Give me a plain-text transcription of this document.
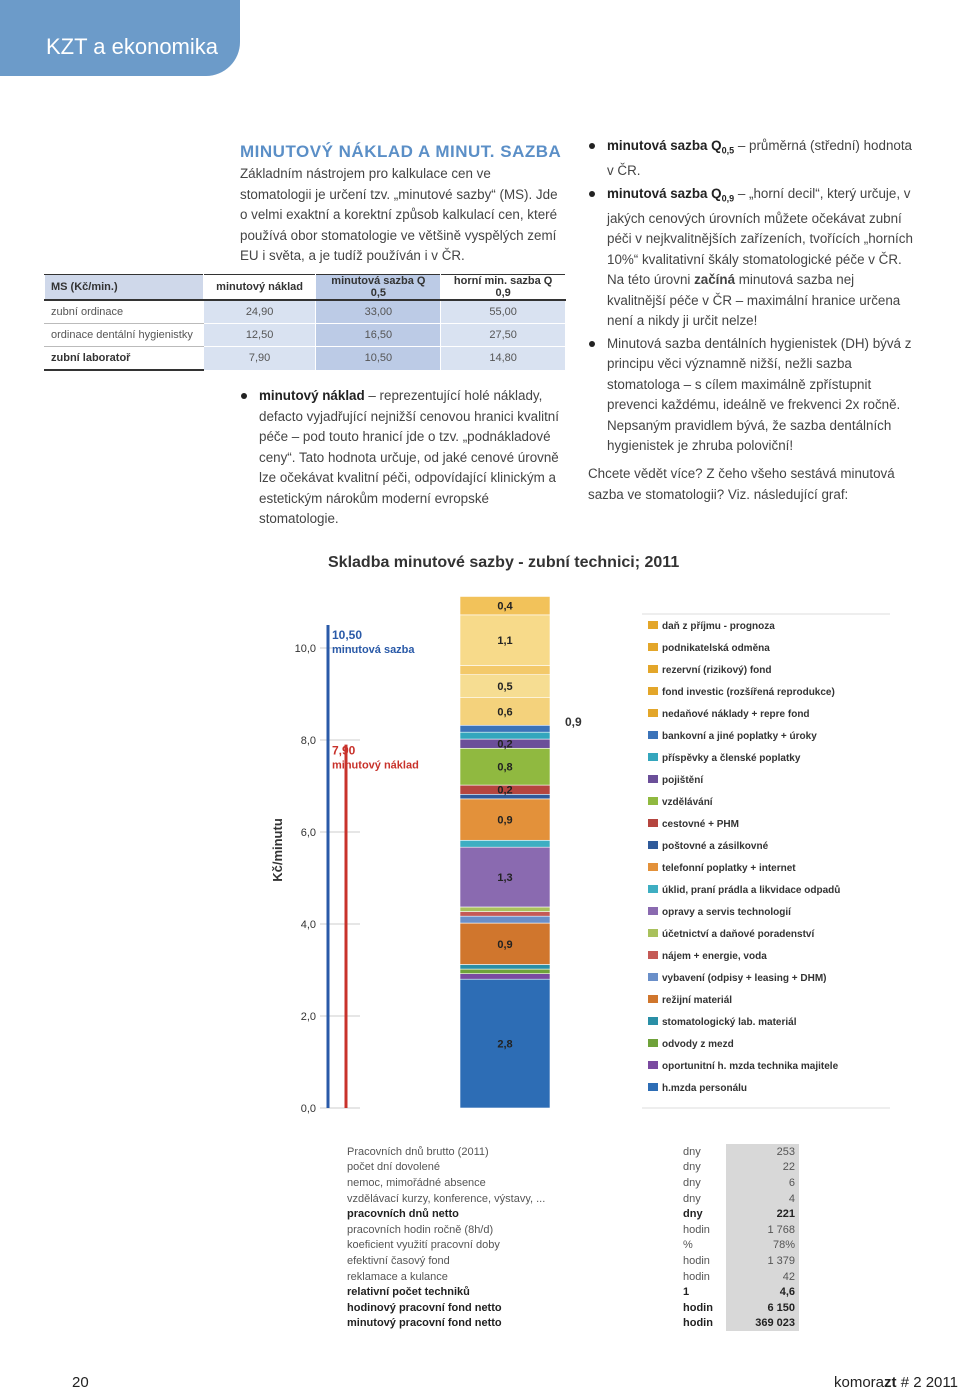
KZT a ekonomika
MINUTOVÝ NÁKLAD A MINUT. SAZBA
Základním nástrojem pro kalkulace cen ve stomatologii je určení tzv. „minutové sazby“ (MS). Jde o velmi exaktní a korektní způsob kalkulací cen, které používá obor stomatologie ve většině vyspělých zemí EU i světa, a je tudíž používán i v ČR.
MS (Kč/min.)	minutový náklad	minutová sazba Q 0,5	horní min. sazba Q 0,9
zubní ordinace	24,90	33,00	55,00
ordinace dentální hygienistky	12,50	16,50	27,50
zubní laboratoř	7,90	10,50	14,80
minutový náklad – reprezentující holé náklady, defacto vyjadřující nejnižší cenovou hranici kvalitní péče – pod touto hranicí jde o tzv. „podnákladové ceny“. Tato hodnota určuje, od jaké cenové úrovně lze očekávat kvalitní péči, odpovídající klinickým a estetickým nárokům moderní evropské stomatologie.
minutová sazba $Q_{0,5}$ – průměrná (střední) hodnota v ČR.
minutová sazba $Q_{0,9}$ – „horní decil“, který určuje, v jakých cenových úrovních můžete očekávat zubní péči v nejkvalitnějších zařízeních, tvořících „horních 10%“ kvalitativní škály stomatologické péče v ČR. Na této úrovni začíná minutová sazba nej kvalitnější péče v ČR – maximální hranice určena není a nikdy ji určit nelze!
Minutová sazba dentálních hygienistek (DH) bývá z principu věci významně nižší, nežli sazba stomatologa – s cílem maximálně zpřístupnit prevenci každému, ideálně ve frekvenci 2x ročně. Nepsaným pravidlem bývá, že sazba dentálních hygienistek je zhruba poloviční!
Chcete vědět více? Z čeho všeho sestává minutová sazba ve stomatologii? Viz. následující graf:
Skladba minutové sazby - zubní technici; 2011
0,0
2,0
4,0
6,0
8,0
10,0
Kč/minutu
2,8
0,9
1,3
0,9
0,2
0,8
0,2
0,6
0,5
1,1
0,4
10,50
minutová sazba
7,90
minutový náklad
0,9
daň z příjmu - prognoza
podnikatelská odměna
rezervní (rizikový) fond
fond investic (rozšířená reprodukce)
nedaňové náklady + repre fond
bankovní a jiné poplatky + úroky
příspěvky a členské poplatky
pojištění
vzdělávání
cestovné + PHM
poštovné a zásilkovné
telefonní poplatky + internet
úklid, praní prádla a likvidace odpadů
opravy a servis technologií
účetnictví a daňové poradenství
nájem + energie, voda
vybavení (odpisy + leasing + DHM)
režijní materiál
stomatologický lab. materiál
odvody z mezd
oportunitní h. mzda technika majitele
h.mzda personálu
Pracovních dnů brutto (2011)	dny	253
počet dní dovolené	dny	22
nemoc, mimořádné absence	dny	6
vzdělávací kurzy, konference, výstavy, ...	dny	4
pracovních dnů netto	dny	221
pracovních hodin ročně (8h/d)	hodin	1 768
koeficient využití pracovní doby	%	78%
efektivní časový fond	hodin	1 379
reklamace a kulance	hodin	42
relativní počet techniků	1	4,6
hodinový pracovní fond netto	hodin	6 150
minutový pracovní fond netto	hodin	369 023
20	komorazt # 2 2011
